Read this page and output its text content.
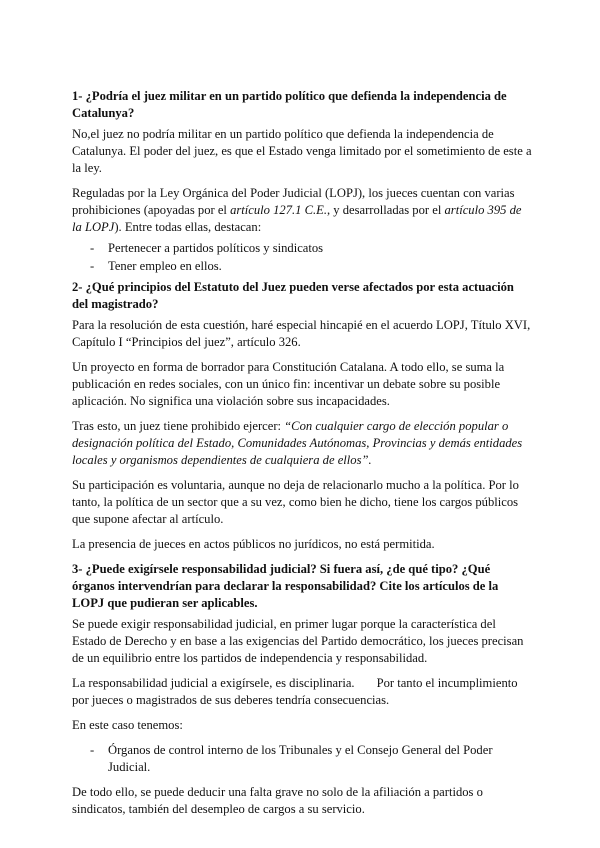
1- ¿Podría el juez militar en un partido político que defienda la independencia de Catalunya?
No,el juez no podría militar en un partido político que defienda la independencia de Catalunya. El poder del juez, es que el Estado venga limitado por el sometimiento de este a la ley.
Reguladas por la Ley Orgánica del Poder Judicial (LOPJ), los jueces cuentan con varias prohibiciones (apoyadas por el artículo 127.1 C.E., y desarrolladas por el artículo 395 de la LOPJ). Entre todas ellas, destacan:
- Pertenecer a partidos políticos y sindicatos
- Tener empleo en ellos.
2- ¿Qué principios del Estatuto del Juez pueden verse afectados por esta actuación del magistrado?
Para la resolución de esta cuestión, haré especial hincapié en el acuerdo LOPJ, Título XVI, Capítulo I “Principios del juez”, artículo 326.
Un proyecto en forma de borrador para Constitución Catalana. A todo ello, se suma la publicación en redes sociales, con un único fin: incentivar un debate sobre su posible aplicación. No significa una violación sobre sus incapacidades.
Tras esto, un juez tiene prohibido ejercer: “Con cualquier cargo de elección popular o designación política del Estado, Comunidades Autónomas, Provincias y demás entidades locales y organismos dependientes de cualquiera de ellos”.
Su participación es voluntaria, aunque no deja de relacionarlo mucho a la política. Por lo tanto, la política de un sector que a su vez, como bien he dicho, tiene los cargos públicos que supone afectar al artículo.
La presencia de jueces en actos públicos no jurídicos, no está permitida.
3- ¿Puede exigírsele responsabilidad judicial? Si fuera así, ¿de qué tipo? ¿Qué órganos intervendrían para declarar la responsabilidad? Cite los artículos de la LOPJ que pudieran ser aplicables.
Se puede exigir responsabilidad judicial, en primer lugar porque la característica del Estado de Derecho y en base a las exigencias del Partido democrático, los jueces precisan de un equilibrio entre los partidos de independencia y responsabilidad.
La responsabilidad judicial a exigírsele, es disciplinaria. Por tanto el incumplimiento por jueces o magistrados de sus deberes tendría consecuencias.
En este caso tenemos:
- Órganos de control interno de los Tribunales y el Consejo General del Poder Judicial.
De todo ello, se puede deducir una falta grave no solo de la afiliación a partidos o sindicatos, también del desempleo de cargos a su servicio.
